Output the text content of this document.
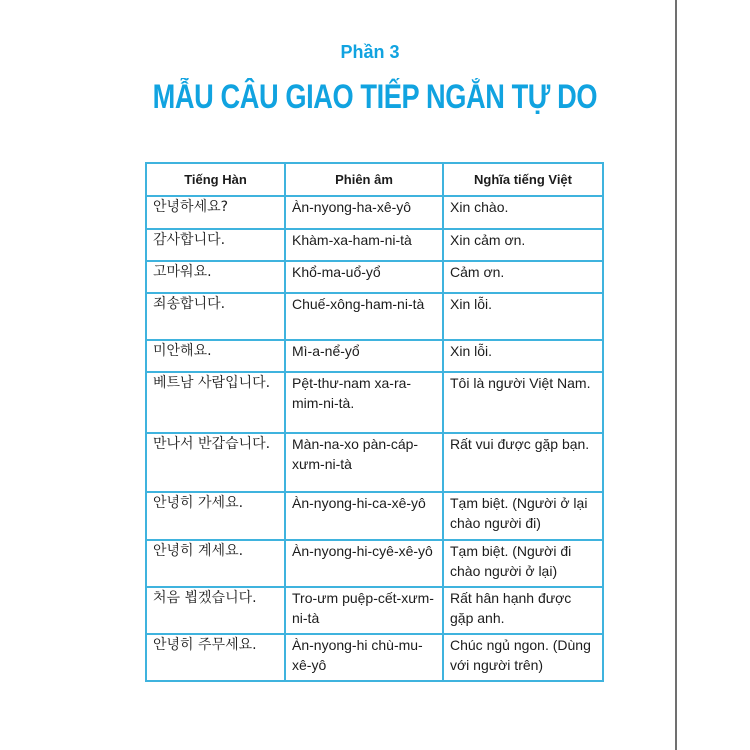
Phần 3
MẪU CÂU GIAO TIẾP NGẮN TỰ DO
Tiếng Hàn	Phiên âm	Nghĩa tiếng Việt
안녕하세요?	Àn-nyong-ha-xê-yô	Xin chào.
감사합니다.	Khàm-xa-ham-ni-tà	Xin cảm ơn.
고마워요.	Khổ-ma-uổ-yổ	Cảm ơn.
죄송합니다.	Chuế-xông-ham-ni-tà	Xin lỗi.
미안해요.	Mì-a-nể-yổ	Xin lỗi.
베트남 사람입니다.	Pệt-thư-nam xa-ra-mim-ni-tà.	Tôi là người Việt Nam.
만나서 반갑습니다.	Màn-na-xo pàn-cáp-xưm-ni-tà	Rất vui được gặp bạn.
안녕히 가세요.	Àn-nyong-hi-ca-xê-yô	Tạm biệt. (Người ở lại chào người đi)
안녕히 계세요.	Àn-nyong-hi-cyê-xê-yô	Tạm biệt. (Người đi chào người ở lại)
처음 뵙겠습니다.	Tro-ưm puệp-cết-xưm-ni-tà	Rất hân hạnh được gặp anh.
안녕히 주무세요.	Àn-nyong-hi chù-mu-xê-yô	Chúc ngủ ngon. (Dùng với người trên)
